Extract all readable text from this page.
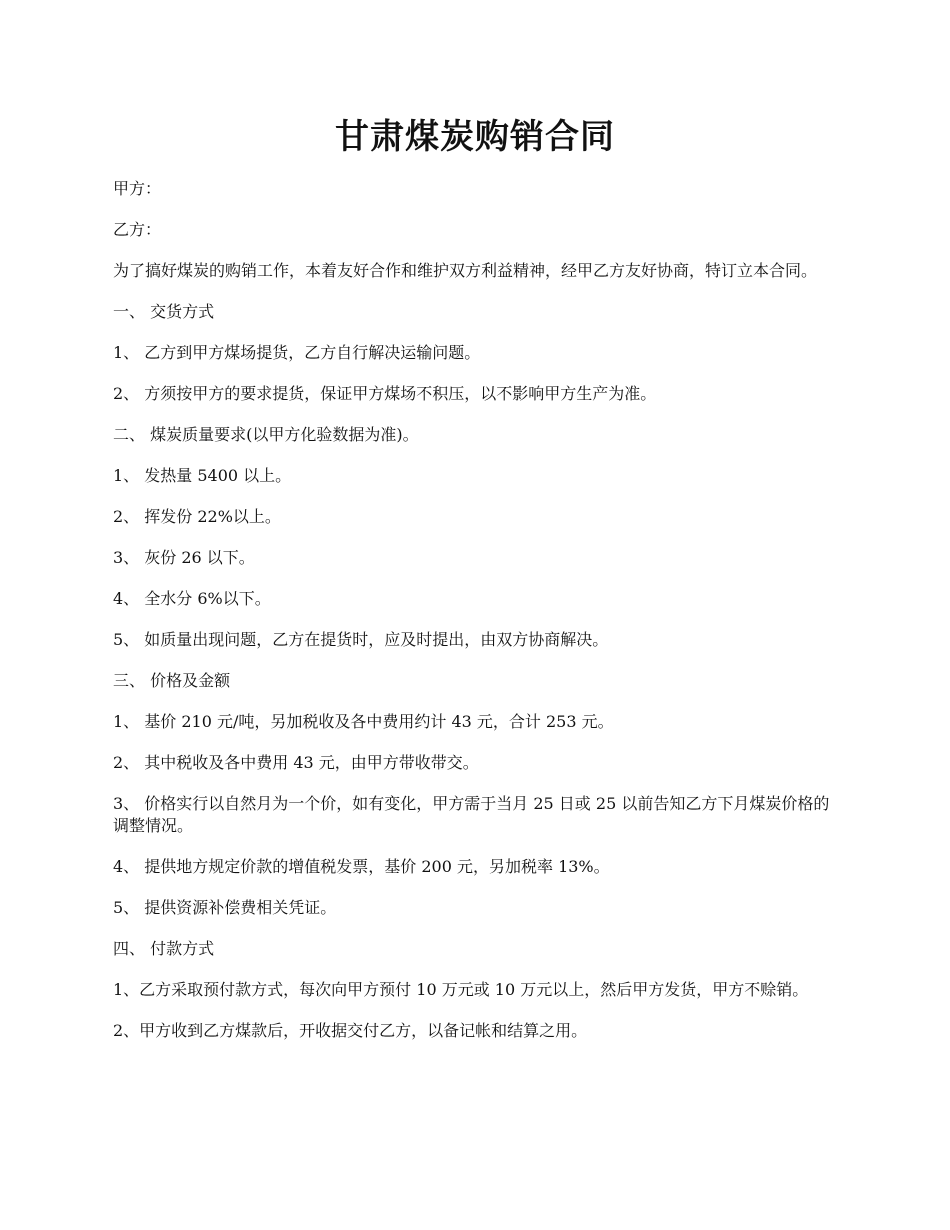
甘肃煤炭购销合同

甲方：

乙方：

为了搞好煤炭的购销工作，本着友好合作和维护双方利益精神，经甲乙方友好协商，特订立本合同。

一、 交货方式

1、 乙方到甲方煤场提货，乙方自行解决运输问题。

2、 方须按甲方的要求提货，保证甲方煤场不积压，以不影响甲方生产为准。

二、 煤炭质量要求(以甲方化验数据为准)。

1、 发热量 5400 以上。

2、 挥发份 22%以上。

3、 灰份 26 以下。

4、 全水分 6%以下。

5、 如质量出现问题，乙方在提货时，应及时提出，由双方协商解决。

三、 价格及金额

1、 基价 210 元/吨，另加税收及各中费用约计 43 元，合计 253 元。

2、 其中税收及各中费用 43 元，由甲方带收带交。

3、 价格实行以自然月为一个价，如有变化，甲方需于当月 25 日或 25 以前告知乙方下月煤炭价格的调整情况。

4、 提供地方规定价款的增值税发票，基价 200 元，另加税率 13%。

5、 提供资源补偿费相关凭证。

四、 付款方式

1、乙方采取预付款方式，每次向甲方预付 10 万元或 10 万元以上，然后甲方发货，甲方不赊销。

2、甲方收到乙方煤款后，开收据交付乙方，以备记帐和结算之用。
